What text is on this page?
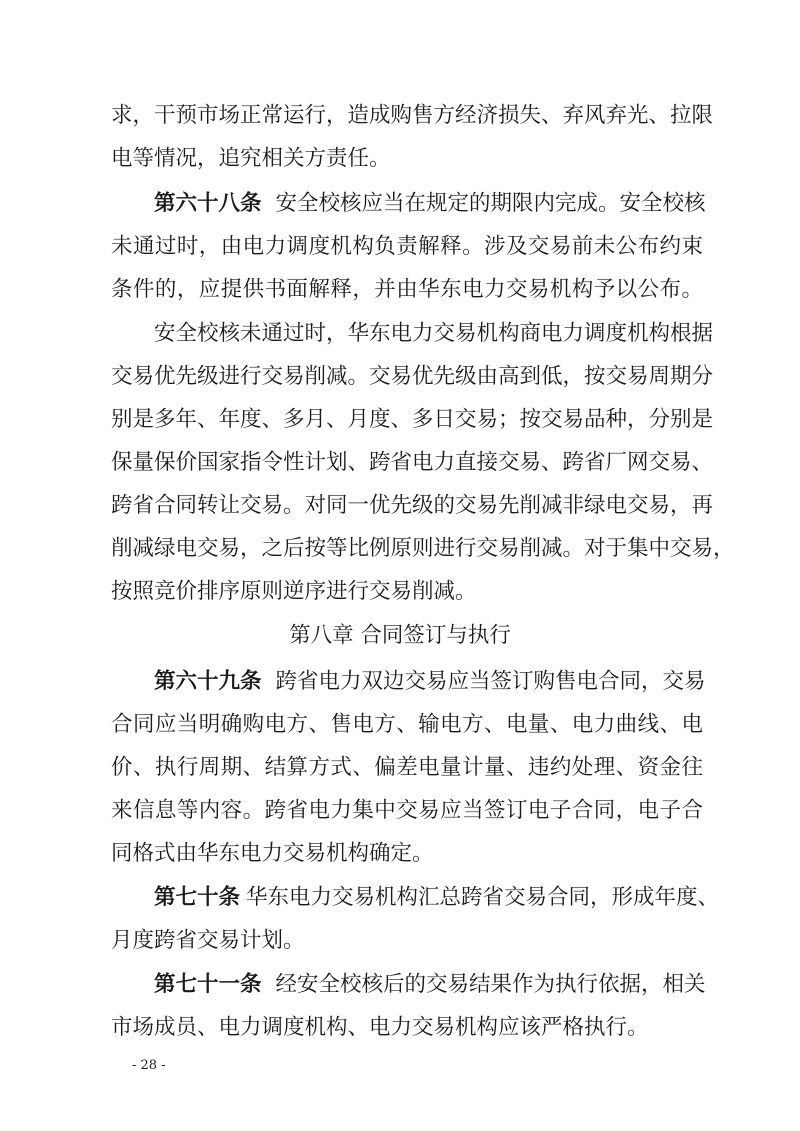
求，干预市场正常运行，造成购售方经济损失、弃风弃光、拉限
电等情况，追究相关方责任。
第六十八条 安全校核应当在规定的期限内完成。安全校核
未通过时，由电力调度机构负责解释。涉及交易前未公布约束
条件的，应提供书面解释，并由华东电力交易机构予以公布。
安全校核未通过时，华东电力交易机构商电力调度机构根据
交易优先级进行交易削减。交易优先级由高到低，按交易周期分
别是多年、年度、多月、月度、多日交易；按交易品种，分别是
保量保价国家指令性计划、跨省电力直接交易、跨省厂网交易、
跨省合同转让交易。对同一优先级的交易先削减非绿电交易，再
削减绿电交易，之后按等比例原则进行交易削减。对于集中交易，
按照竞价排序原则逆序进行交易削减。
第八章 合同签订与执行
第六十九条 跨省电力双边交易应当签订购售电合同，交易
合同应当明确购电方、售电方、输电方、电量、电力曲线、电
价、执行周期、结算方式、偏差电量计量、违约处理、资金往
来信息等内容。跨省电力集中交易应当签订电子合同，电子合
同格式由华东电力交易机构确定。
第七十条 华东电力交易机构汇总跨省交易合同，形成年度、
月度跨省交易计划。
第七十一条 经安全校核后的交易结果作为执行依据，相关
市场成员、电力调度机构、电力交易机构应该严格执行。
- 28 -
